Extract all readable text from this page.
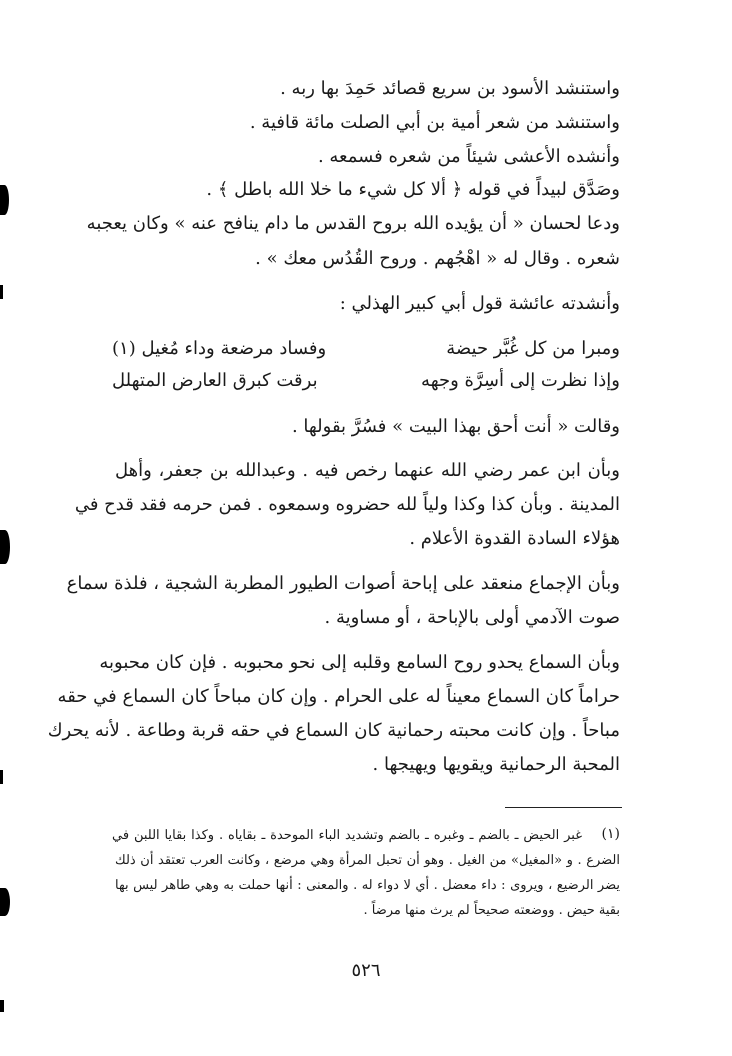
واستنشد الأسود بن سريع قصائد حَمِدَ بها ربه .
واستنشد من شعر أمية بن أبي الصلت مائة قافية .
وأنشده الأعشى شيئاً من شعره فسمعه .
وصَدَّق لبيداً في قوله ﴿ ألا كل شيء ما خلا الله باطل ﴾ .
ودعا لحسان « أن يؤيده الله بروح القدس ما دام ينافح عنه » وكان يعجبه
شعره . وقال له « اهْجُهم . وروح القُدُس معك » .
وأنشدته عائشة قول أبي كبير الهذلي :
ومبرا من كل غُبَّر حيضة
وفساد مرضعة وداء مُغيل (١)
وإذا نظرت إلى أسِرَّة وجهه
برقت كبرق العارض المتهلل
وقالت « أنت أحق بهذا البيت » فسُرَّ بقولها .
وبأن ابن عمر رضي الله عنهما رخص فيه . وعبدالله بن جعفر، وأهل
المدينة . وبأن كذا وكذا ولياً لله حضروه وسمعوه . فمن حرمه فقد قدح في
هؤلاء السادة القدوة الأعلام .
وبأن الإجماع منعقد على إباحة أصوات الطيور المطربة الشجية ، فلذة سماع
صوت الآدمي أولى بالإباحة ، أو مساوية .
وبأن السماع يحدو روح السامع وقلبه إلى نحو محبوبه . فإن كان محبوبه
حراماً كان السماع معيناً له على الحرام . وإن كان مباحاً كان السماع في حقه
مباحاً . وإن كانت محبته رحمانية كان السماع في حقه قربة وطاعة . لأنه يحرك
المحبة الرحمانية ويقويها ويهيجها .
(١)
غبر الحيض ـ بالضم ـ وغبره ـ بالضم وتشديد الباء الموحدة ـ بقاياه . وكذا بقايا اللبن في
الضرع . و «المغيل» من الغيل . وهو أن تحبل المرأة وهي مرضع ، وكانت العرب تعتقد أن ذلك
يضر الرضيع ، ويروى : داء معضل . أي لا دواء له . والمعنى : أنها حملت به وهي طاهر ليس بها
بقية حيض . ووضعته صحيحاً لم يرث منها مرضاً .
٥٢٦
